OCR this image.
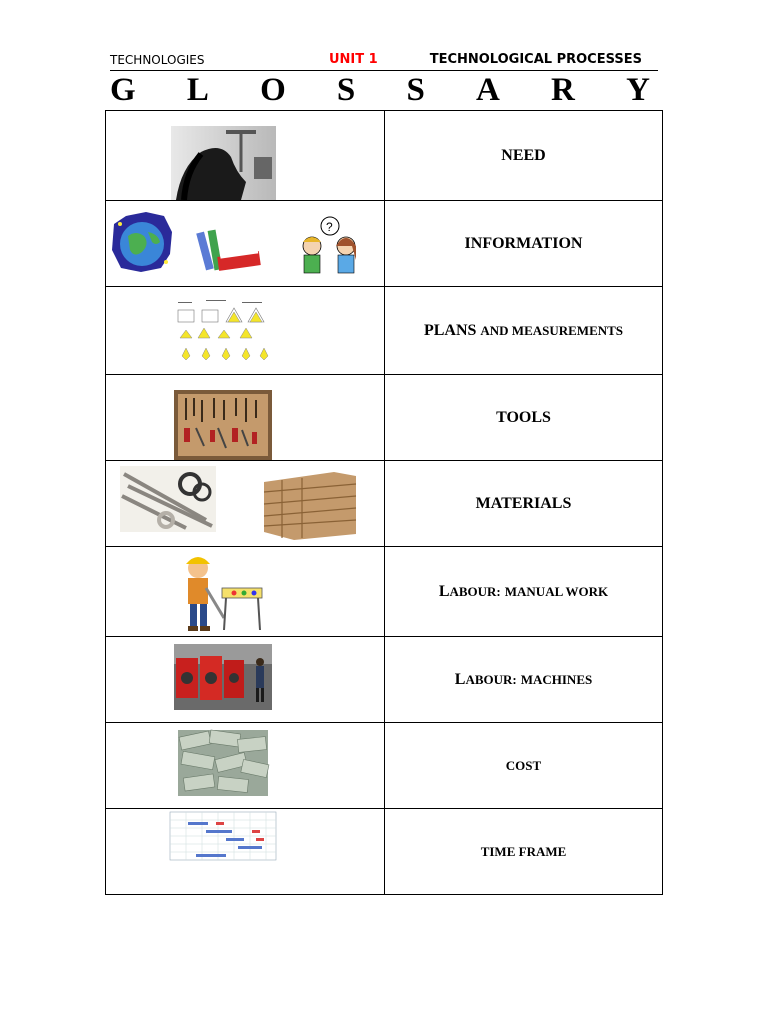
TECHNOLOGIES	UNIT 1	TECHNOLOGICAL PROCESSES
G L O S S A R Y
	NEED

?	INFORMATION

	PLANS AND MEASUREMENTS

	TOOLS

	MATERIALS

	LABOUR: MANUAL WORK

	LABOUR: MACHINES

	COST

	TIME FRAME
